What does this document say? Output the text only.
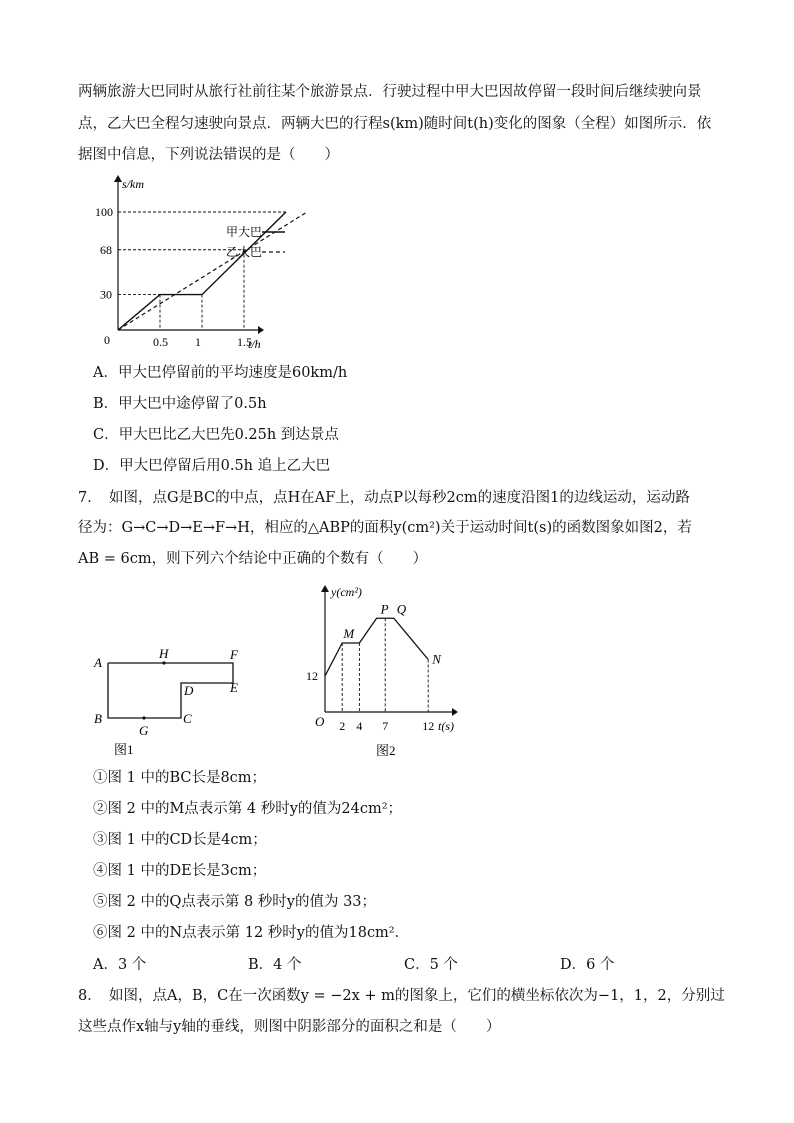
两辆旅游大巴同时从旅行社前往某个旅游景点．行驶过程中甲大巴因故停留一段时间后继续驶向景
点，乙大巴全程匀速驶向景点．两辆大巴的行程s(km)随时间t(h)变化的图象（全程）如图所示．依
据图中信息，下列说法错误的是（　　）
s/km
t/h
0	0.5 1	1.5
30
68
100
甲大巴
乙大巴
A．甲大巴停留前的平均速度是60km/h
B．甲大巴中途停留了0.5h
C．甲大巴比乙大巴先0.25h 到达景点
D．甲大巴停留后用0.5h 追上乙大巴
7．　如图，点G是BC的中点，点H在AF上，动点P以每秒2cm的速度沿图1的边线运动，运动路
径为：G→C→D→E→F→H，相应的△ABP的面积y(cm²)关于运动时间t(s)的函数图象如图2，若
AB = 6cm，则下列六个结论中正确的个数有（　　）
A
H	F
E
D
B
G
C
图1
y(cm²)
t(s)
O 2 4 7	12
12
M
P Q
N
图2
①图 1 中的BC长是8cm；
②图 2 中的M点表示第 4 秒时y的值为24cm²；
③图 1 中的CD长是4cm；
④图 1 中的DE长是3cm；
⑤图 2 中的Q点表示第 8 秒时y的值为 33；
⑥图 2 中的N点表示第 12 秒时y的值为18cm²．
A．3 个	B．4 个	C．5 个	D．6 个
8．　如图，点A，B，C在一次函数y = −2x + m的图象上，它们的横坐标依次为−1，1，2，分别过
这些点作x轴与y轴的垂线，则图中阴影部分的面积之和是（　　）
